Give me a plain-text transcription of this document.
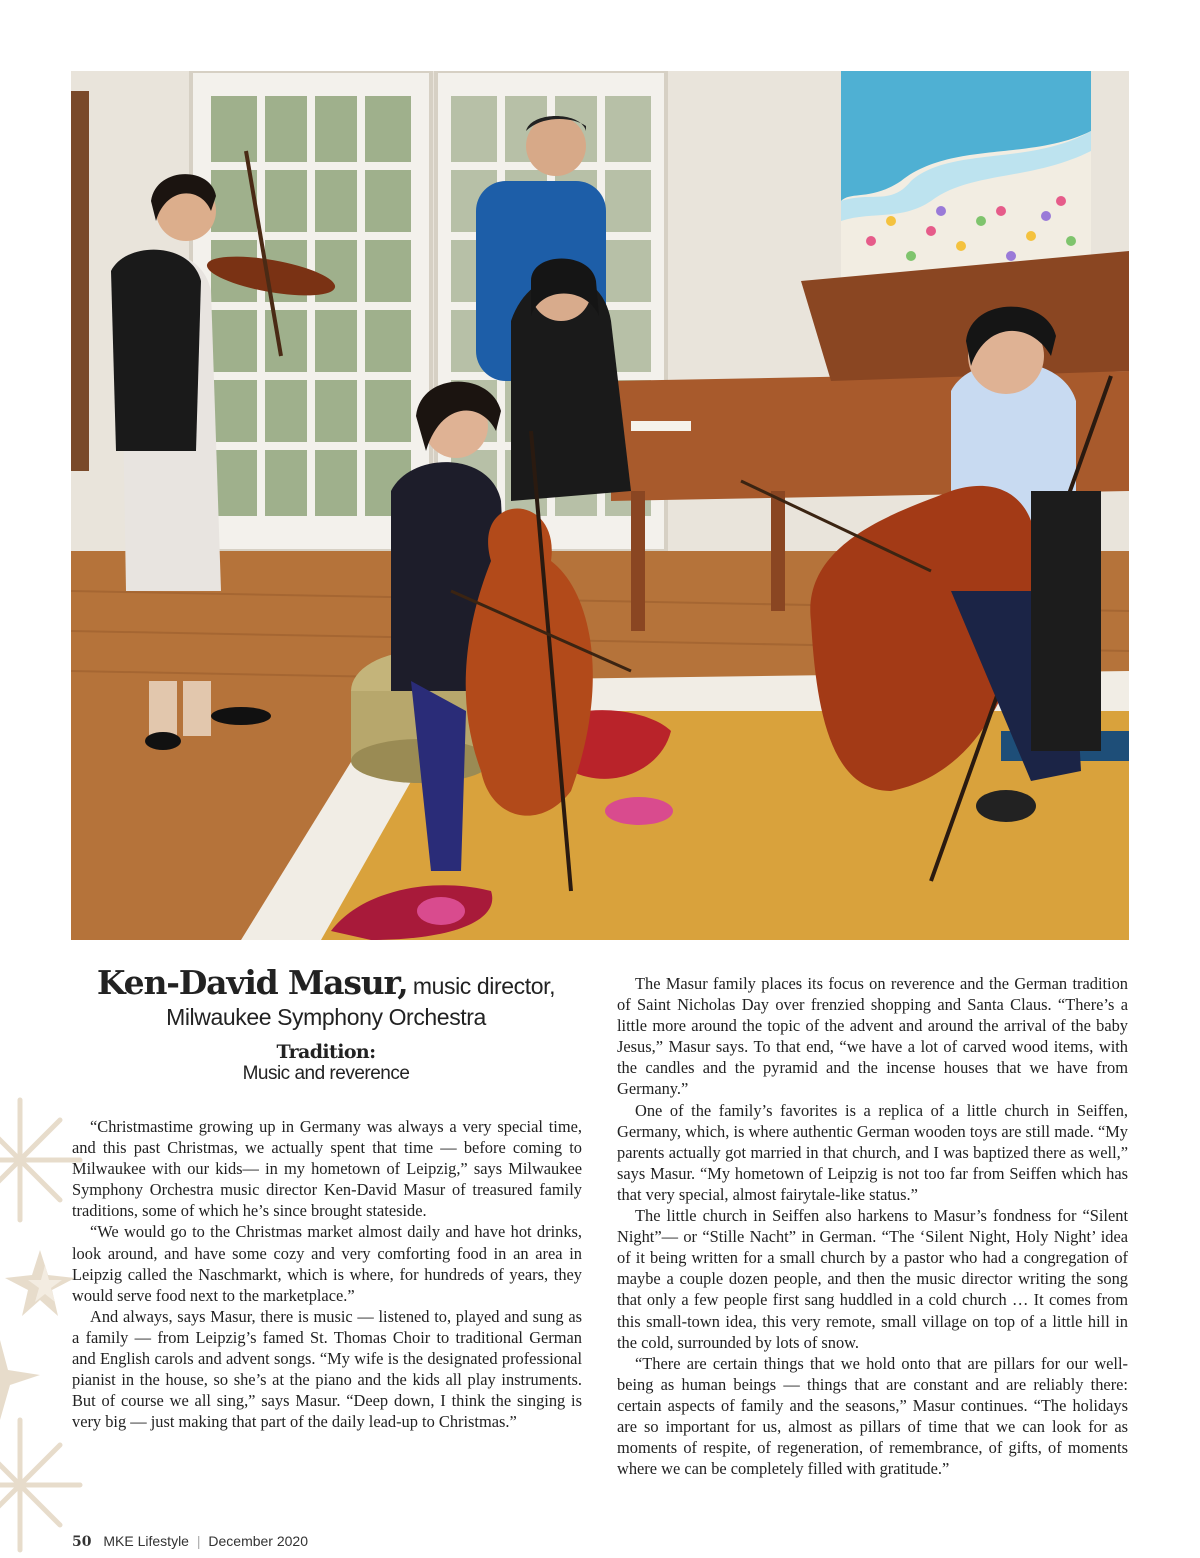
Ken-David Masur, music director,
Milwaukee Symphony Orchestra
Tradition:
Music and reverence

“Christmastime growing up in Germany was always a very special time, and this past Christmas, we actually spent that time — before coming to Milwaukee with our kids— in my hometown of Leipzig,” says Milwaukee Symphony Orchestra music director Ken-David Masur of treasured family traditions, some of which he’s since brought stateside.

“We would go to the Christmas market almost daily and have hot drinks, look around, and have some cozy and very comforting food in an area in Leipzig called the Naschmarkt, which is where, for hundreds of years, they would serve food next to the marketplace.”

And always, says Masur, there is music — listened to, played and sung as a family — from Leipzig’s famed St. Thomas Choir to traditional German and English carols and advent songs. “My wife is the designated professional pianist in the house, so she’s at the piano and the kids all play instruments. But of course we all sing,” says Masur. “Deep down, I think the singing is very big — just making that part of the daily lead-up to Christmas.”

The Masur family places its focus on reverence and the German tradition of Saint Nicholas Day over frenzied shopping and Santa Claus. “There’s a little more around the topic of the advent and around the arrival of the baby Jesus,” Masur says. To that end, “we have a lot of carved wood items, with the candles and the pyramid and the incense houses that we have from Germany.”

One of the family’s favorites is a replica of a little church in Seiffen, Germany, which, is where authentic German wooden toys are still made. “My parents actually got married in that church, and I was baptized there as well,” says Masur. “My hometown of Leipzig is not too far from Seiffen which has that very special, almost fairytale-like status.”

The little church in Seiffen also harkens to Masur’s fondness for “Silent Night”— or “Stille Nacht” in German. “The ‘Silent Night, Holy Night’ idea of it being written for a small church by a pastor who had a congregation of maybe a couple dozen people, and then the music director writing the song that only a few people first sang huddled in a cold church … It comes from this small-town idea, this very remote, small village on top of a little hill in the cold, surrounded by lots of snow.

“There are certain things that we hold onto that are pillars for our well-being as human beings — things that are constant and are reliably there: certain aspects of family and the seasons,” Masur continues. “The holidays are so important for us, almost as pillars of time that we can look for as moments of respite, of regeneration, of remembrance, of gifts, of moments where we can be completely filled with gratitude.”

50 MKE Lifestyle | December 2020
